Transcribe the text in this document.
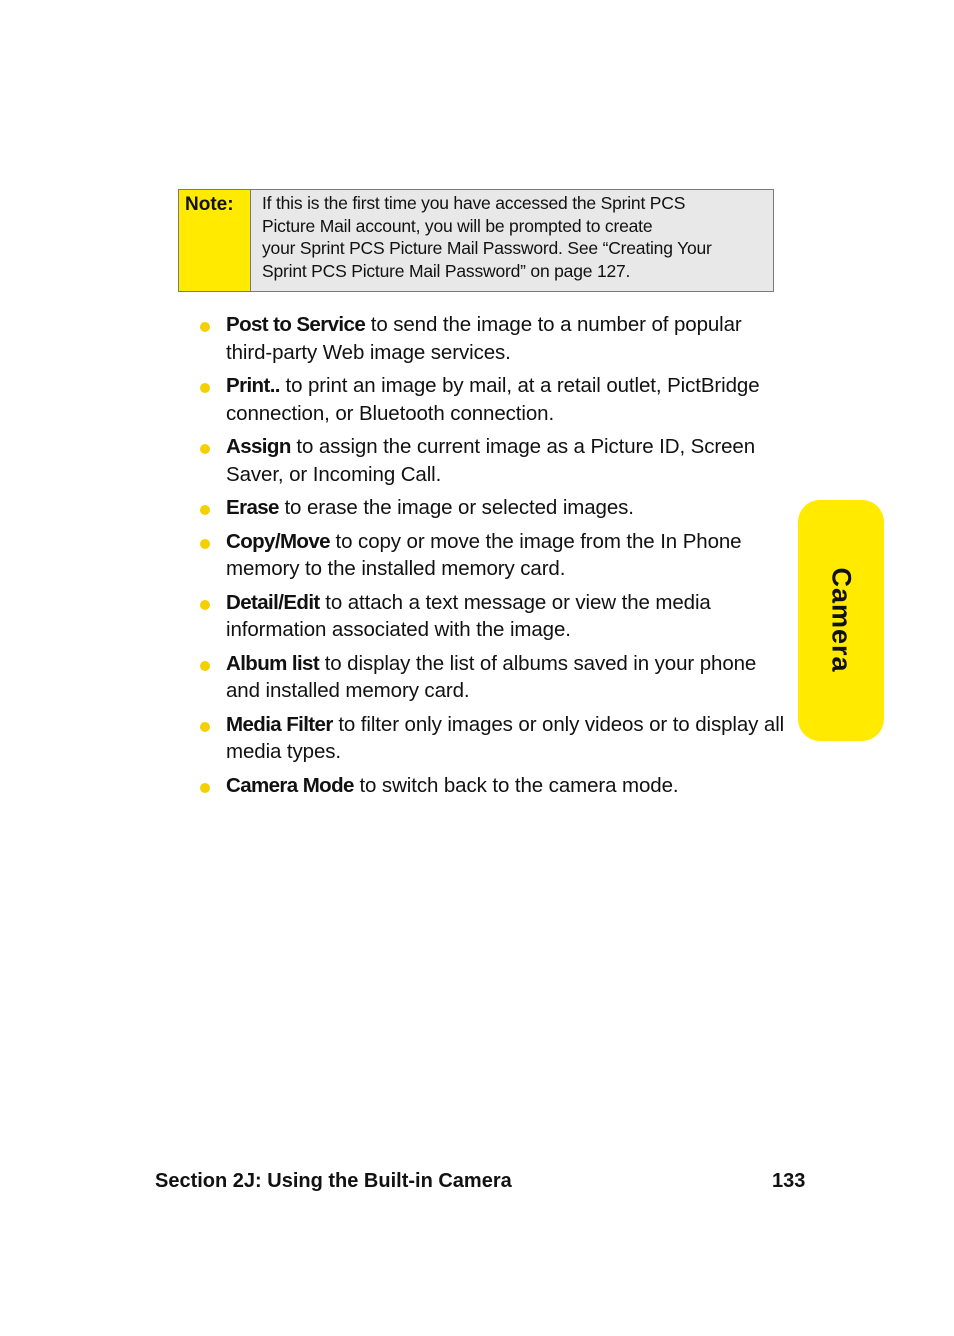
Note:	If this is the first time you have accessed the Sprint PCS
Picture Mail account, you will be prompted to create
your Sprint PCS Picture Mail Password. See “Creating Your
Sprint PCS Picture Mail Password” on page 127.
Post to Service to send the image to a number of popular third-party Web image services.
Print.. to print an image by mail, at a retail outlet, PictBridge connection, or Bluetooth connection.
Assign to assign the current image as a Picture ID, Screen Saver, or Incoming Call.
Erase to erase the image or selected images.
Copy/Move to copy or move the image from the In Phone memory to the installed memory card.
Detail/Edit to attach a text message or view the media information associated with the image.
Album list to display the list of albums saved in your phone and installed memory card.
Media Filter to filter only images or only videos or to display all media types.
Camera Mode to switch back to the camera mode.
Camera
Section 2J: Using the Built-in Camera	133
